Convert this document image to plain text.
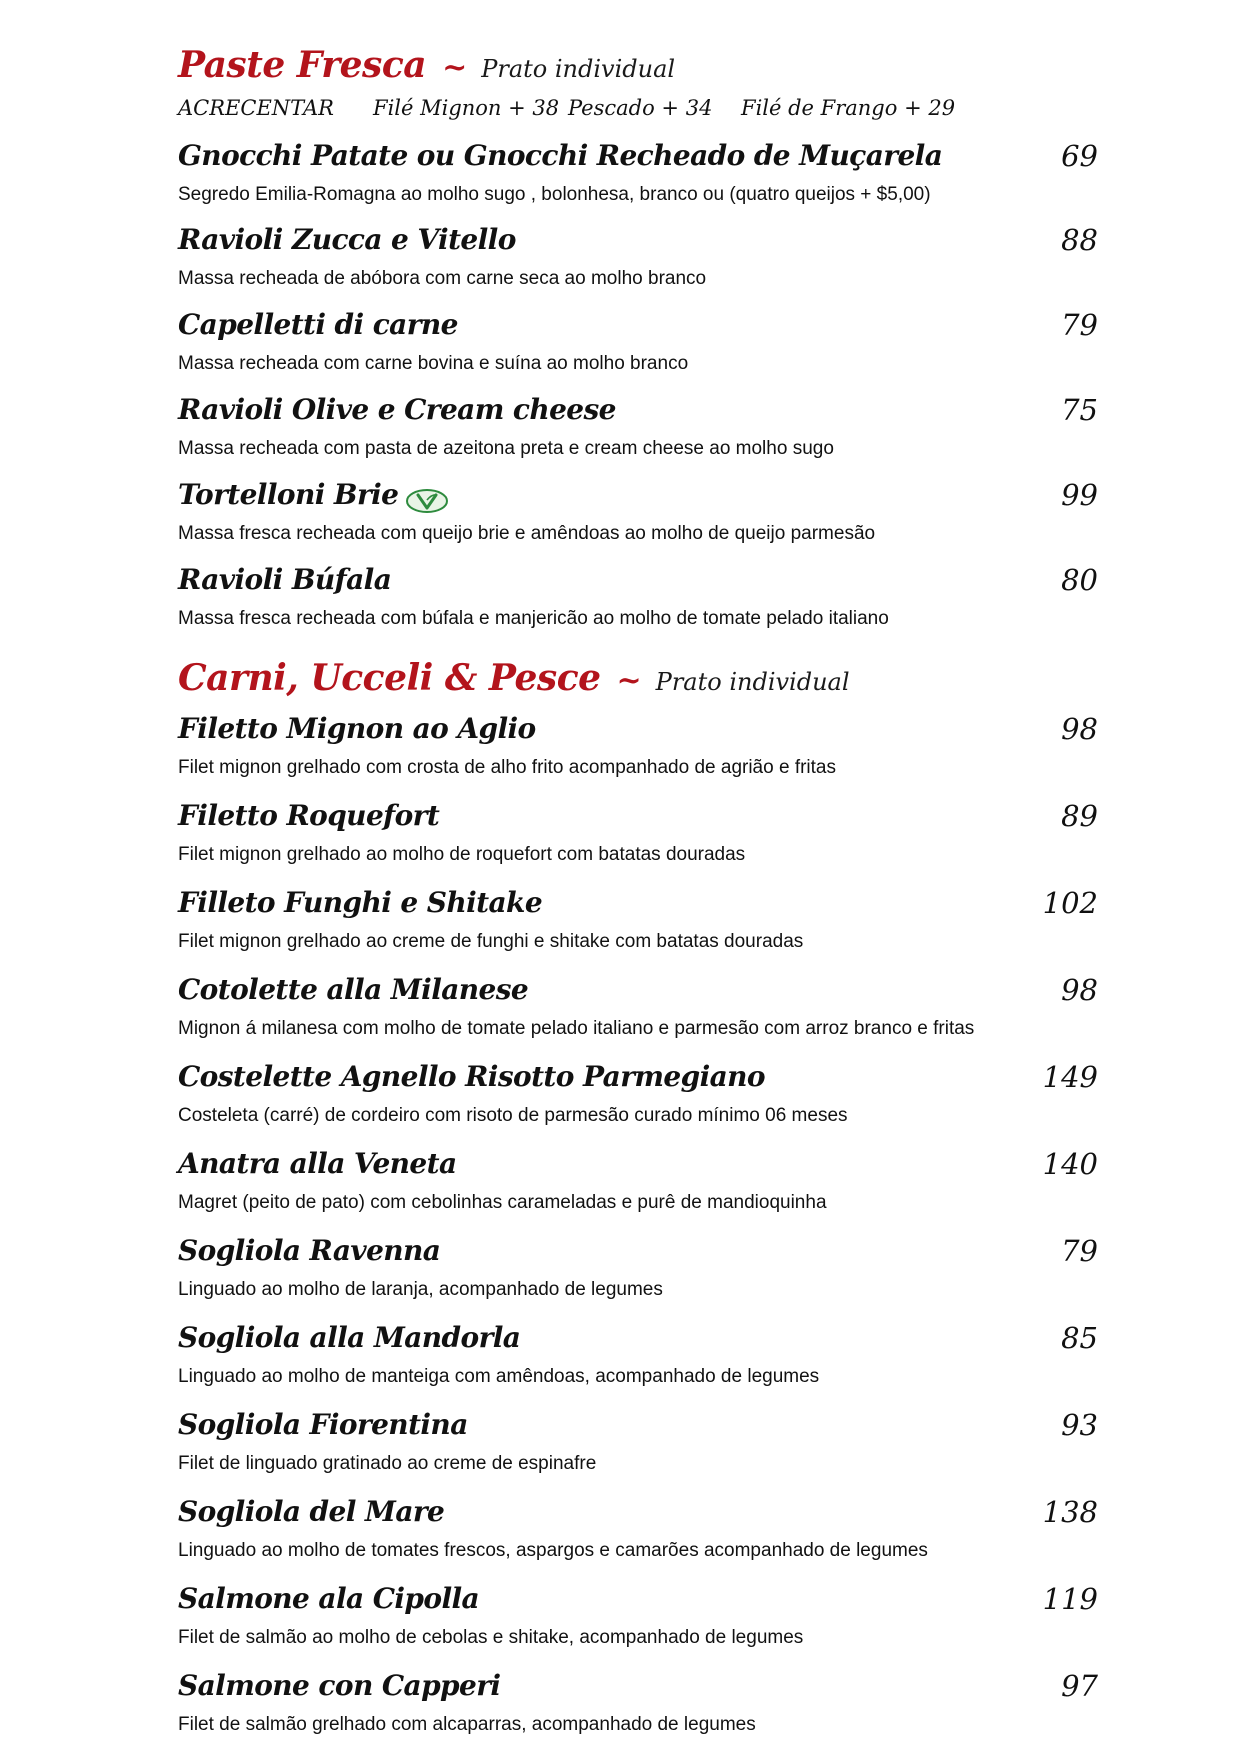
Paste Fresca ~ Prato individual
ACRECENTAR Filé Mignon + 38 Pescado + 34 Filé de Frango + 29
Gnocchi Patate ou Gnocchi Recheado de Muçarela	69
Segredo Emilia-Romagna ao molho sugo , bolonhesa, branco ou (quatro queijos + $5,00)
Ravioli Zucca e Vitello	88
Massa recheada de abóbora com carne seca ao molho branco
Capelletti di carne	79
Massa recheada com carne bovina e suína ao molho branco
Ravioli Olive e Cream cheese	75
Massa recheada com pasta de azeitona preta e cream cheese ao molho sugo
Tortelloni Brie	99
Massa fresca recheada com queijo brie e amêndoas ao molho de queijo parmesão
Ravioli Búfala	80
Massa fresca recheada com búfala e manjericão ao molho de tomate pelado italiano
Carni, Ucceli & Pesce ~ Prato individual
Filetto Mignon ao Aglio	98
Filet mignon grelhado com crosta de alho frito acompanhado de agrião e fritas
Filetto Roquefort	89
Filet mignon grelhado ao molho de roquefort com batatas douradas
Filleto Funghi e Shitake	102
Filet mignon grelhado ao creme de funghi e shitake com batatas douradas
Cotolette alla Milanese	98
Mignon á milanesa com molho de tomate pelado italiano e parmesão com arroz branco e fritas
Costelette Agnello Risotto Parmegiano	149
Costeleta (carré) de cordeiro com risoto de parmesão curado mínimo 06 meses
Anatra alla Veneta	140
Magret (peito de pato) com cebolinhas carameladas e purê de mandioquinha
Sogliola Ravenna	79
Linguado ao molho de laranja, acompanhado de legumes
Sogliola alla Mandorla	85
Linguado ao molho de manteiga com amêndoas, acompanhado de legumes
Sogliola Fiorentina	93
Filet de linguado gratinado ao creme de espinafre
Sogliola del Mare	138
Linguado ao molho de tomates frescos, aspargos e camarões acompanhado de legumes
Salmone ala Cipolla	119
Filet de salmão ao molho de cebolas e shitake, acompanhado de legumes
Salmone con Capperi	97
Filet de salmão grelhado com alcaparras, acompanhado de legumes
